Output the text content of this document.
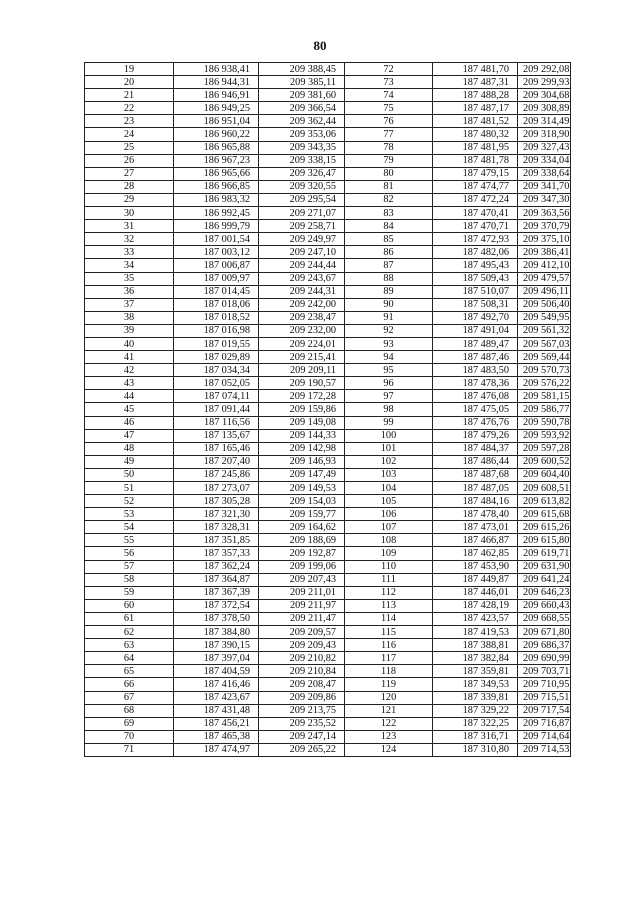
80
19	186 938,41	209 388,45	72	187 481,70	209 292,08
20	186 944,31	209 385,11	73	187 487,31	209 299,93
21	186 946,91	209 381,60	74	187 488,28	209 304,68
22	186 949,25	209 366,54	75	187 487,17	209 308,89
23	186 951,04	209 362,44	76	187 481,52	209 314,49
24	186 960,22	209 353,06	77	187 480,32	209 318,90
25	186 965,88	209 343,35	78	187 481,95	209 327,43
26	186 967,23	209 338,15	79	187 481,78	209 334,04
27	186 965,66	209 326,47	80	187 479,15	209 338,64
28	186 966,85	209 320,55	81	187 474,77	209 341,70
29	186 983,32	209 295,54	82	187 472,24	209 347,30
30	186 992,45	209 271,07	83	187 470,41	209 363,56
31	186 999,79	209 258,71	84	187 470,71	209 370,79
32	187 001,54	209 249,97	85	187 472,93	209 375,10
33	187 003,12	209 247,10	86	187 482,06	209 386,41
34	187 006,87	209 244,44	87	187 495,43	209 412,10
35	187 009,97	209 243,67	88	187 509,43	209 479,57
36	187 014,45	209 244,31	89	187 510,07	209 496,11
37	187 018,06	209 242,00	90	187 508,31	209 506,40
38	187 018,52	209 238,47	91	187 492,70	209 549,95
39	187 016,98	209 232,00	92	187 491,04	209 561,32
40	187 019,55	209 224,01	93	187 489,47	209 567,03
41	187 029,89	209 215,41	94	187 487,46	209 569,44
42	187 034,34	209 209,11	95	187 483,50	209 570,73
43	187 052,05	209 190,57	96	187 478,36	209 576,22
44	187 074,11	209 172,28	97	187 476,08	209 581,15
45	187 091,44	209 159,86	98	187 475,05	209 586,77
46	187 116,56	209 149,08	99	187 476,76	209 590,78
47	187 135,67	209 144,33	100	187 479,26	209 593,92
48	187 165,46	209 142,98	101	187 484,37	209 597,28
49	187 207,40	209 146,93	102	187 486,44	209 600,52
50	187 245,86	209 147,49	103	187 487,68	209 604,40
51	187 273,07	209 149,53	104	187 487,05	209 608,51
52	187 305,28	209 154,03	105	187 484,16	209 613,82
53	187 321,30	209 159,77	106	187 478,40	209 615,68
54	187 328,31	209 164,62	107	187 473,01	209 615,26
55	187 351,85	209 188,69	108	187 466,87	209 615,80
56	187 357,33	209 192,87	109	187 462,85	209 619,71
57	187 362,24	209 199,06	110	187 453,90	209 631,90
58	187 364,87	209 207,43	111	187 449,87	209 641,24
59	187 367,39	209 211,01	112	187 446,01	209 646,23
60	187 372,54	209 211,97	113	187 428,19	209 660,43
61	187 378,50	209 211,47	114	187 423,57	209 668,55
62	187 384,80	209 209,57	115	187 419,53	209 671,80
63	187 390,15	209 209,43	116	187 388,81	209 686,37
64	187 397,04	209 210,82	117	187 382,84	209 690,99
65	187 404,59	209 210,84	118	187 359,81	209 703,71
66	187 416,46	209 208,47	119	187 349,53	209 710,95
67	187 423,67	209 209,86	120	187 339,81	209 715,51
68	187 431,48	209 213,75	121	187 329,22	209 717,54
69	187 456,21	209 235,52	122	187 322,25	209 716,87
70	187 465,38	209 247,14	123	187 316,71	209 714,64
71	187 474,97	209 265,22	124	187 310,80	209 714,53
